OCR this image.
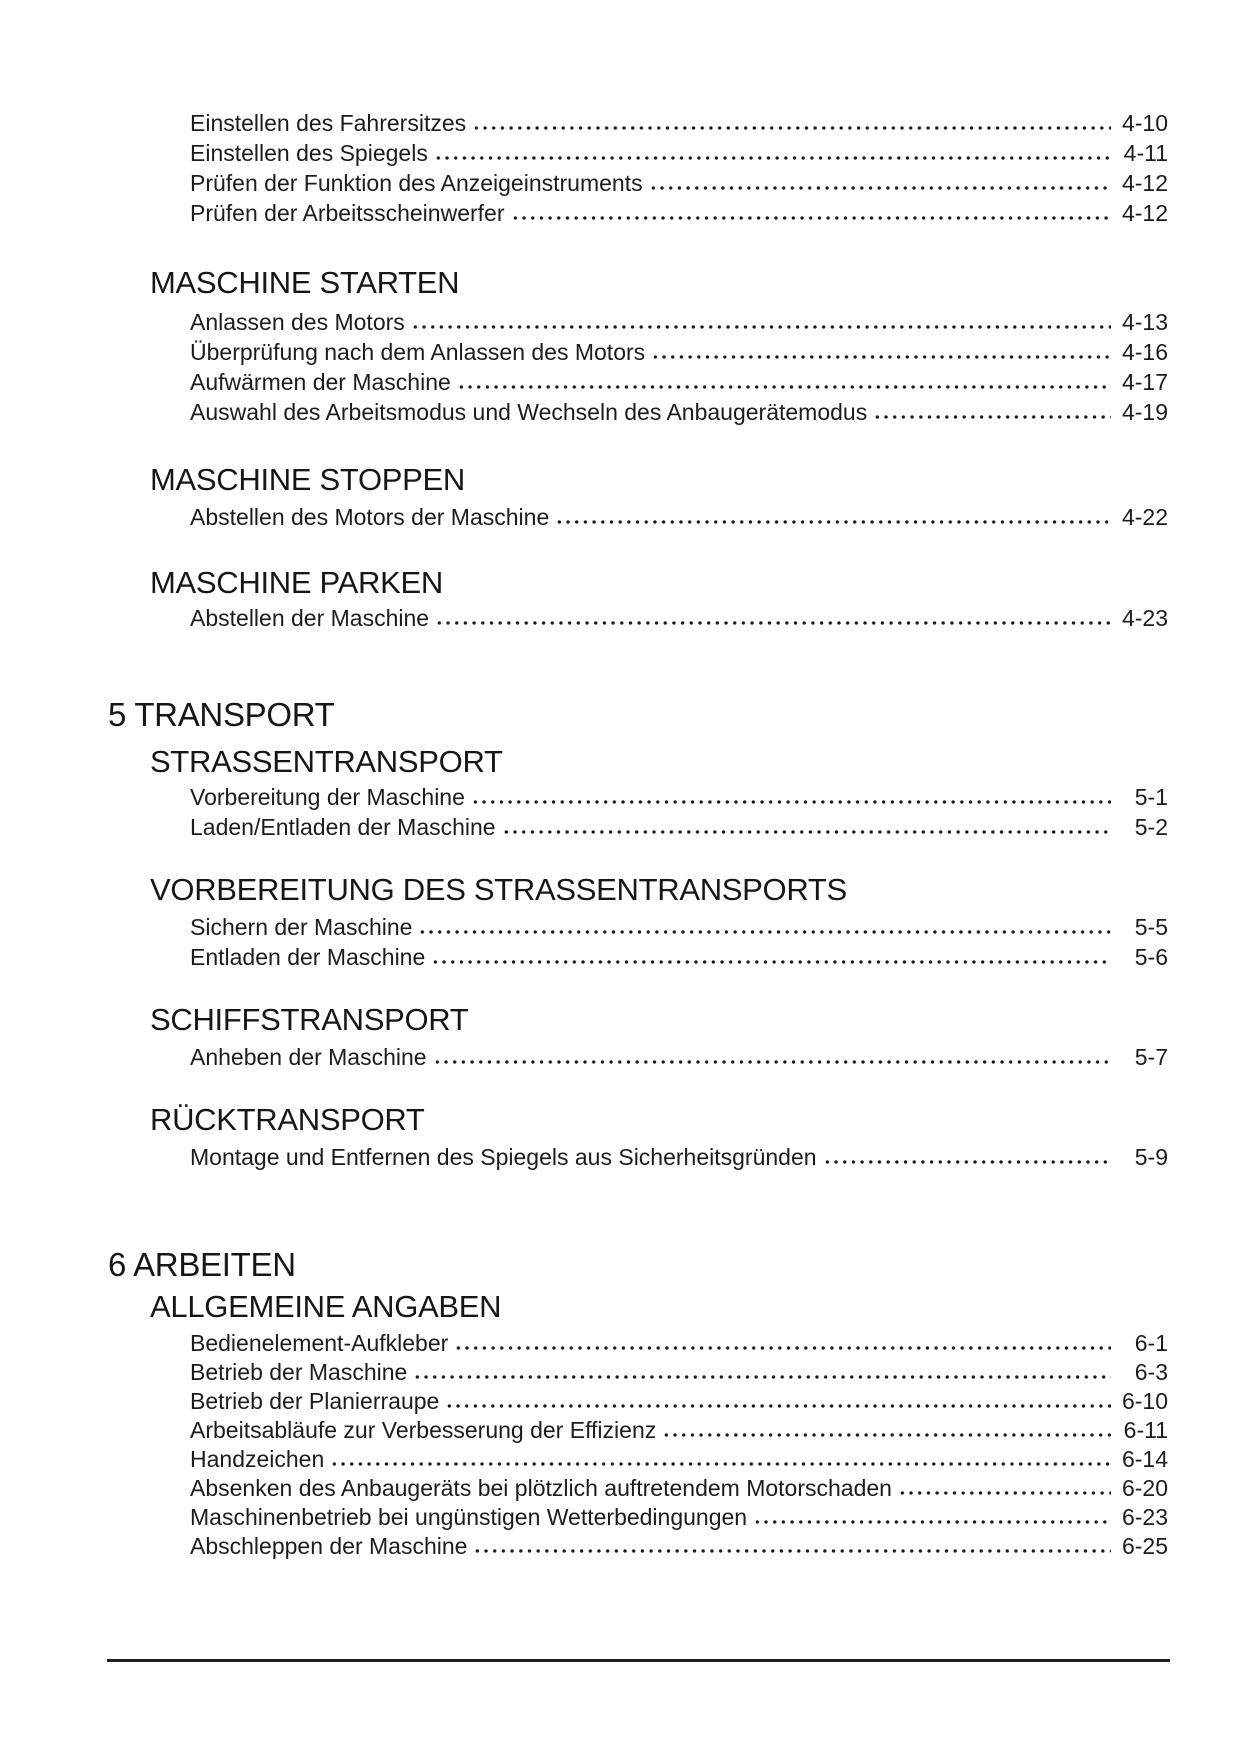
Einstellen des Fahrersitzes	4-10
Einstellen des Spiegels	4-11
Prüfen der Funktion des Anzeigeinstruments	4-12
Prüfen der Arbeitsscheinwerfer	4-12
MASCHINE STARTEN
Anlassen des Motors	4-13
Überprüfung nach dem Anlassen des Motors	4-16
Aufwärmen der Maschine	4-17
Auswahl des Arbeitsmodus und Wechseln des Anbaugerätemodus	4-19
MASCHINE STOPPEN
Abstellen des Motors der Maschine	4-22
MASCHINE PARKEN
Abstellen der Maschine	4-23
5 TRANSPORT
STRASSENTRANSPORT
Vorbereitung der Maschine	5-1
Laden/Entladen der Maschine	5-2
VORBEREITUNG DES STRASSENTRANSPORTS
Sichern der Maschine	5-5
Entladen der Maschine	5-6
SCHIFFSTRANSPORT
Anheben der Maschine	5-7
RÜCKTRANSPORT
Montage und Entfernen des Spiegels aus Sicherheitsgründen	5-9
6 ARBEITEN
ALLGEMEINE ANGABEN
Bedienelement-Aufkleber	6-1
Betrieb der Maschine	6-3
Betrieb der Planierraupe	6-10
Arbeitsabläufe zur Verbesserung der Effizienz	6-11
Handzeichen	6-14
Absenken des Anbaugeräts bei plötzlich auftretendem Motorschaden	6-20
Maschinenbetrieb bei ungünstigen Wetterbedingungen	6-23
Abschleppen der Maschine	6-25
